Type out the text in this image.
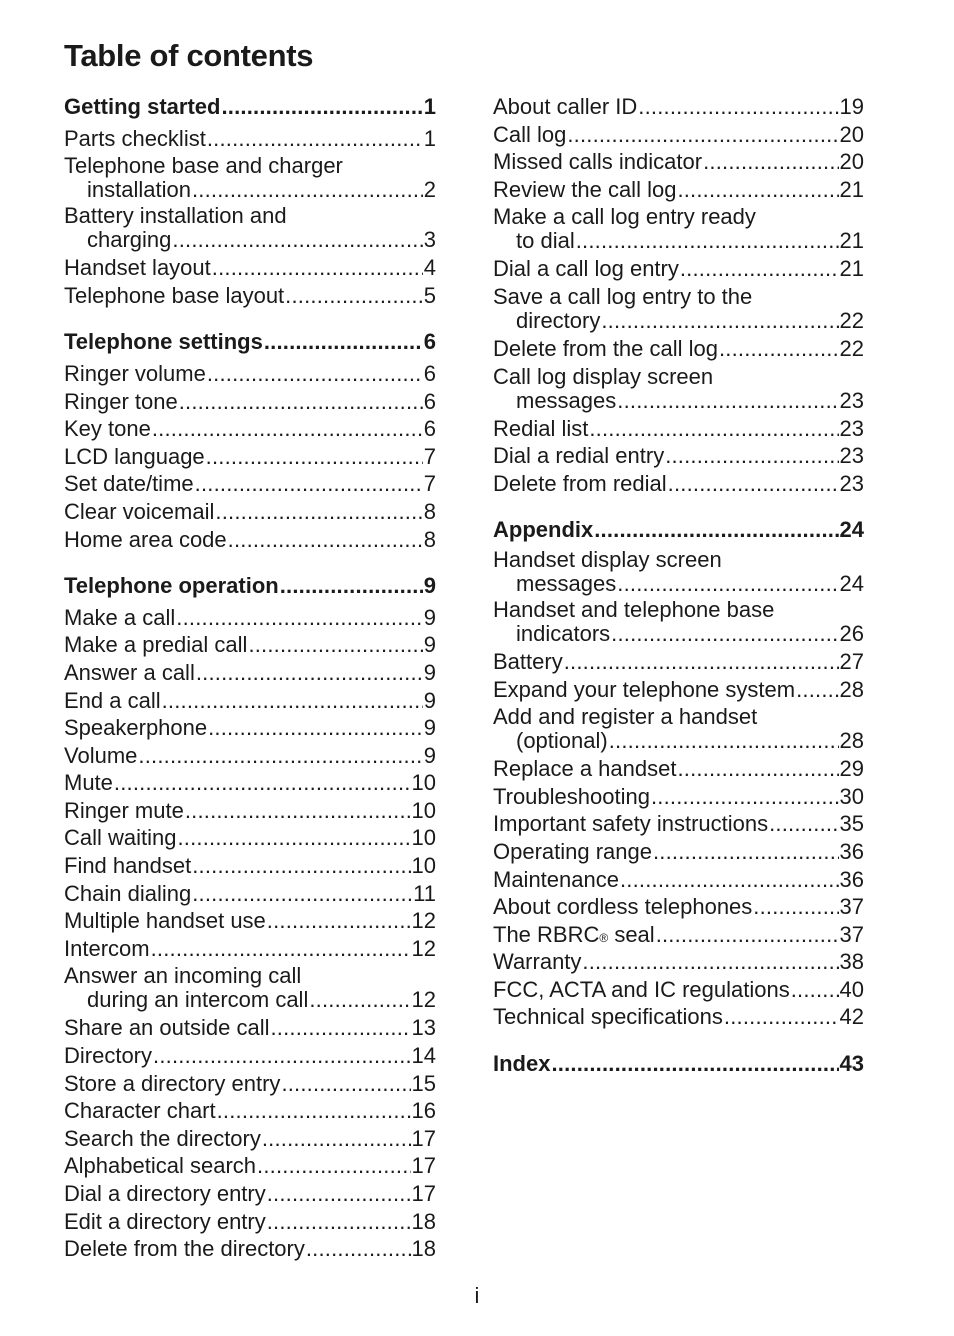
Table of contents
Getting started .....	1
Parts checklist .....	1
Telephone base and charger
installation .....	2
Battery installation and
charging .....	3
Handset layout .....	4
Telephone base layout .....	5
Telephone settings .....	6
Ringer volume .....	6
Ringer tone .....	6
Key tone .....	6
LCD language .....	7
Set date/time .....	7
Clear voicemail .....	8
Home area code .....	8
Telephone operation .....	9
Make a call .....	9
Make a predial call .....	9
Answer a call .....	9
End a call .....	9
Speakerphone .....	9
Volume .....	9
Mute .....	10
Ringer mute .....	10
Call waiting .....	10
Find handset .....	10
Chain dialing .....	11
Multiple handset use .....	12
Intercom .....	12
Answer an incoming call
during an intercom call .....	12
Share an outside call .....	13
Directory .....	14
Store a directory entry .....	15
Character chart .....	16
Search the directory .....	17
Alphabetical search .....	17
Dial a directory entry .....	17
Edit a directory entry .....	18
Delete from the directory .....	18
About caller ID .....	19
Call log .....	20
Missed calls indicator .....	20
Review the call log .....	21
Make a call log entry ready
to dial .....	21
Dial a call log entry .....	21
Save a call log entry to the
directory .....	22
Delete from the call log .....	22
Call log display screen
messages .....	23
Redial list .....	23
Dial a redial entry .....	23
Delete from redial .....	23
Appendix .....	24
Handset display screen
messages .....	24
Handset and telephone base
indicators .....	26
Battery .....	27
Expand your telephone system ..... 28
Add and register a handset
(optional) .....	28
Replace a handset .....	29
Troubleshooting .....	30
Important safety instructions .....	35
Operating range .....	36
Maintenance .....	36
About cordless telephones .....	37
The RBRC ® seal .....	37
Warranty .....	38
FCC, ACTA and IC regulations ..... 40
Technical specifications .....	42
Index .....	43

i
